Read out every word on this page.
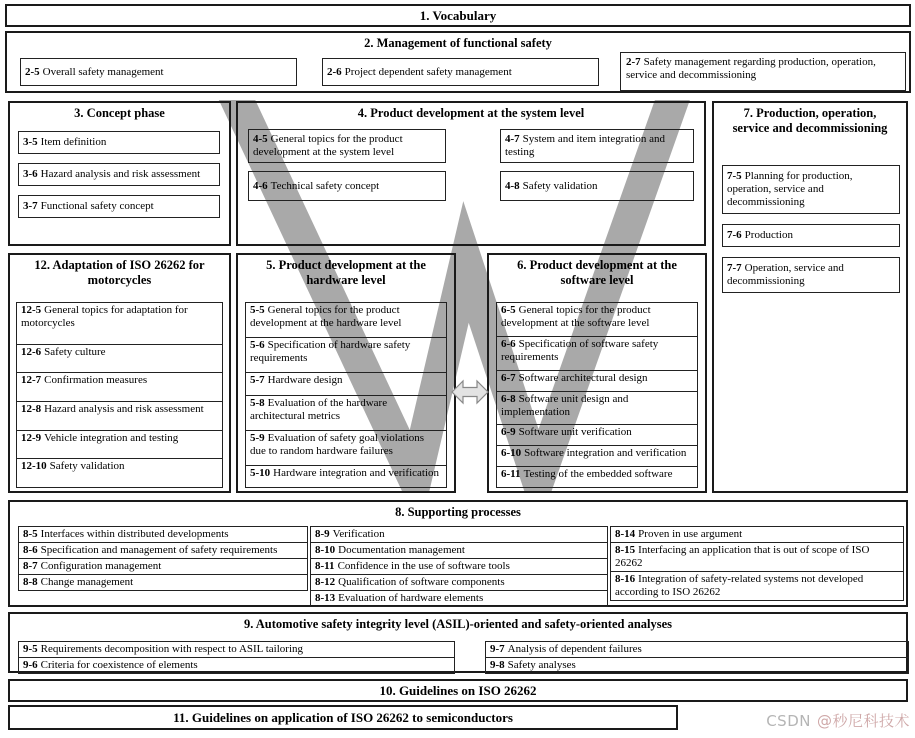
1. Vocabulary
2. Management of functional safety
2-5 Overall safety management	2-6 Project dependent safety management
2-7 Safety management regarding production, operation, service and decommissioning
3. Concept phase
3-5 Item definition
3-6 Hazard analysis and risk assessment
3-7 Functional safety concept
4. Product development at the system level
4-5 General topics for the product development at the system level
4-6 Technical safety concept
4-7 System and item integration and testing
4-8 Safety validation
7. Production, operation, service and decommissioning
7-5 Planning for production, operation, service and decommissioning
7-6 Production
7-7 Operation, service and decommissioning
12. Adaptation of ISO 26262 for motorcycles
12-5 General topics for adaptation for motorcycles
12-6 Safety culture
12-7 Confirmation measures
12-8 Hazard analysis and risk assessment
12-9 Vehicle integration and testing
12-10 Safety validation
5. Product development at the hardware level
5-5 General topics for the product development at the hardware level
5-6 Specification of hardware safety requirements
5-7 Hardware design
5-8 Evaluation of the hardware architectural metrics
5-9 Evaluation of safety goal violations due to random hardware failures
5-10 Hardware integration and verification
6. Product development at the software level
6-5 General topics for the product development at the software level
6-6 Specification of software safety requirements
6-7 Software architectural design
6-8 Software unit design and implementation
6-9 Software unit verification
6-10 Software integration and verification
6-11 Testing of the embedded software
8. Supporting processes
8-5 Interfaces within distributed developments
8-6 Specification and management of safety requirements
8-7 Configuration management
8-8 Change management
8-9 Verification
8-10 Documentation management
8-11 Confidence in the use of software tools
8-12 Qualification of software components
8-13 Evaluation of hardware elements
8-14 Proven in use argument
8-15 Interfacing an application that is out of scope of ISO 26262
8-16 Integration of safety-related systems not developed according to ISO 26262
9. Automotive safety integrity level (ASIL)-oriented and safety-oriented analyses
9-5 Requirements decomposition with respect to ASIL tailoring
9-6 Criteria for coexistence of elements
9-7 Analysis of dependent failures
9-8 Safety analyses
10. Guidelines on ISO 26262
11. Guidelines on application of ISO 26262 to semiconductors	CSDN @秒尼科技术
